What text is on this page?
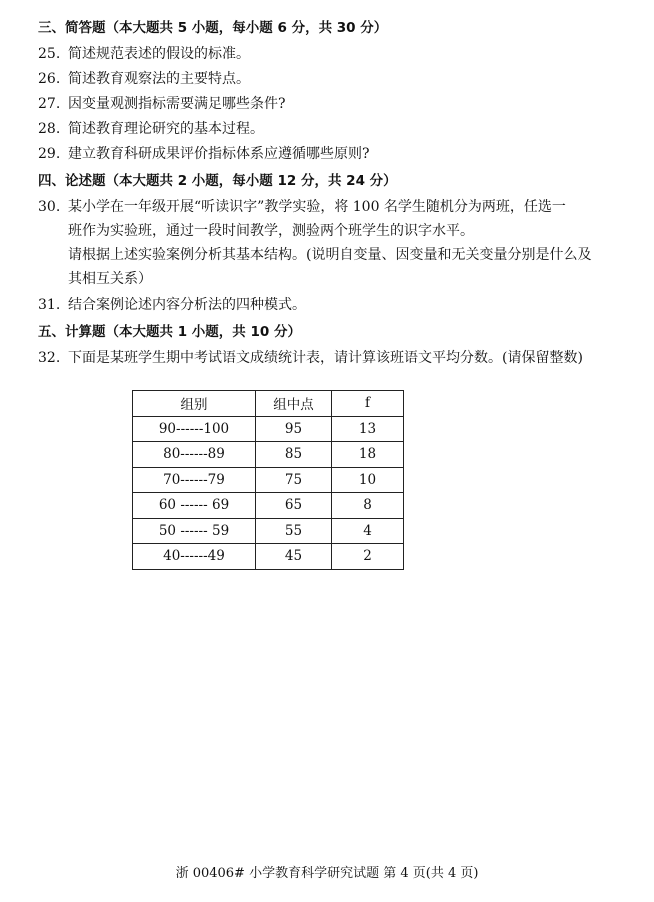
三、简答题（本大题共 5 小题，每小题 6 分，共 30 分）
25. 简述规范表述的假设的标准。
26. 简述教育观察法的主要特点。
27. 因变量观测指标需要满足哪些条件?
28. 简述教育理论研究的基本过程。
29. 建立教育科研成果评价指标体系应遵循哪些原则?
四、论述题（本大题共 2 小题，每小题 12 分，共 24 分）
30. 某小学在一年级开展“听读识字”教学实验，将 100 名学生随机分为两班，任选一
班作为实验班，通过一段时间教学，测验两个班学生的识字水平。
请根据上述实验案例分析其基本结构。(说明自变量、因变量和无关变量分别是什么及
其相互关系）
31. 结合案例论述内容分析法的四种模式。
五、计算题（本大题共 1 小题，共 10 分）
32. 下面是某班学生期中考试语文成绩统计表，请计算该班语文平均分数。(请保留整数)
组别	组中点	f
90------100	95	13
80------89	85	18
70------79	75	10
60 ------ 69	65	8
50 ------ 59	55	4
40------49	45	2
浙 00406# 小学教育科学研究试题 第 4 页(共 4 页)
